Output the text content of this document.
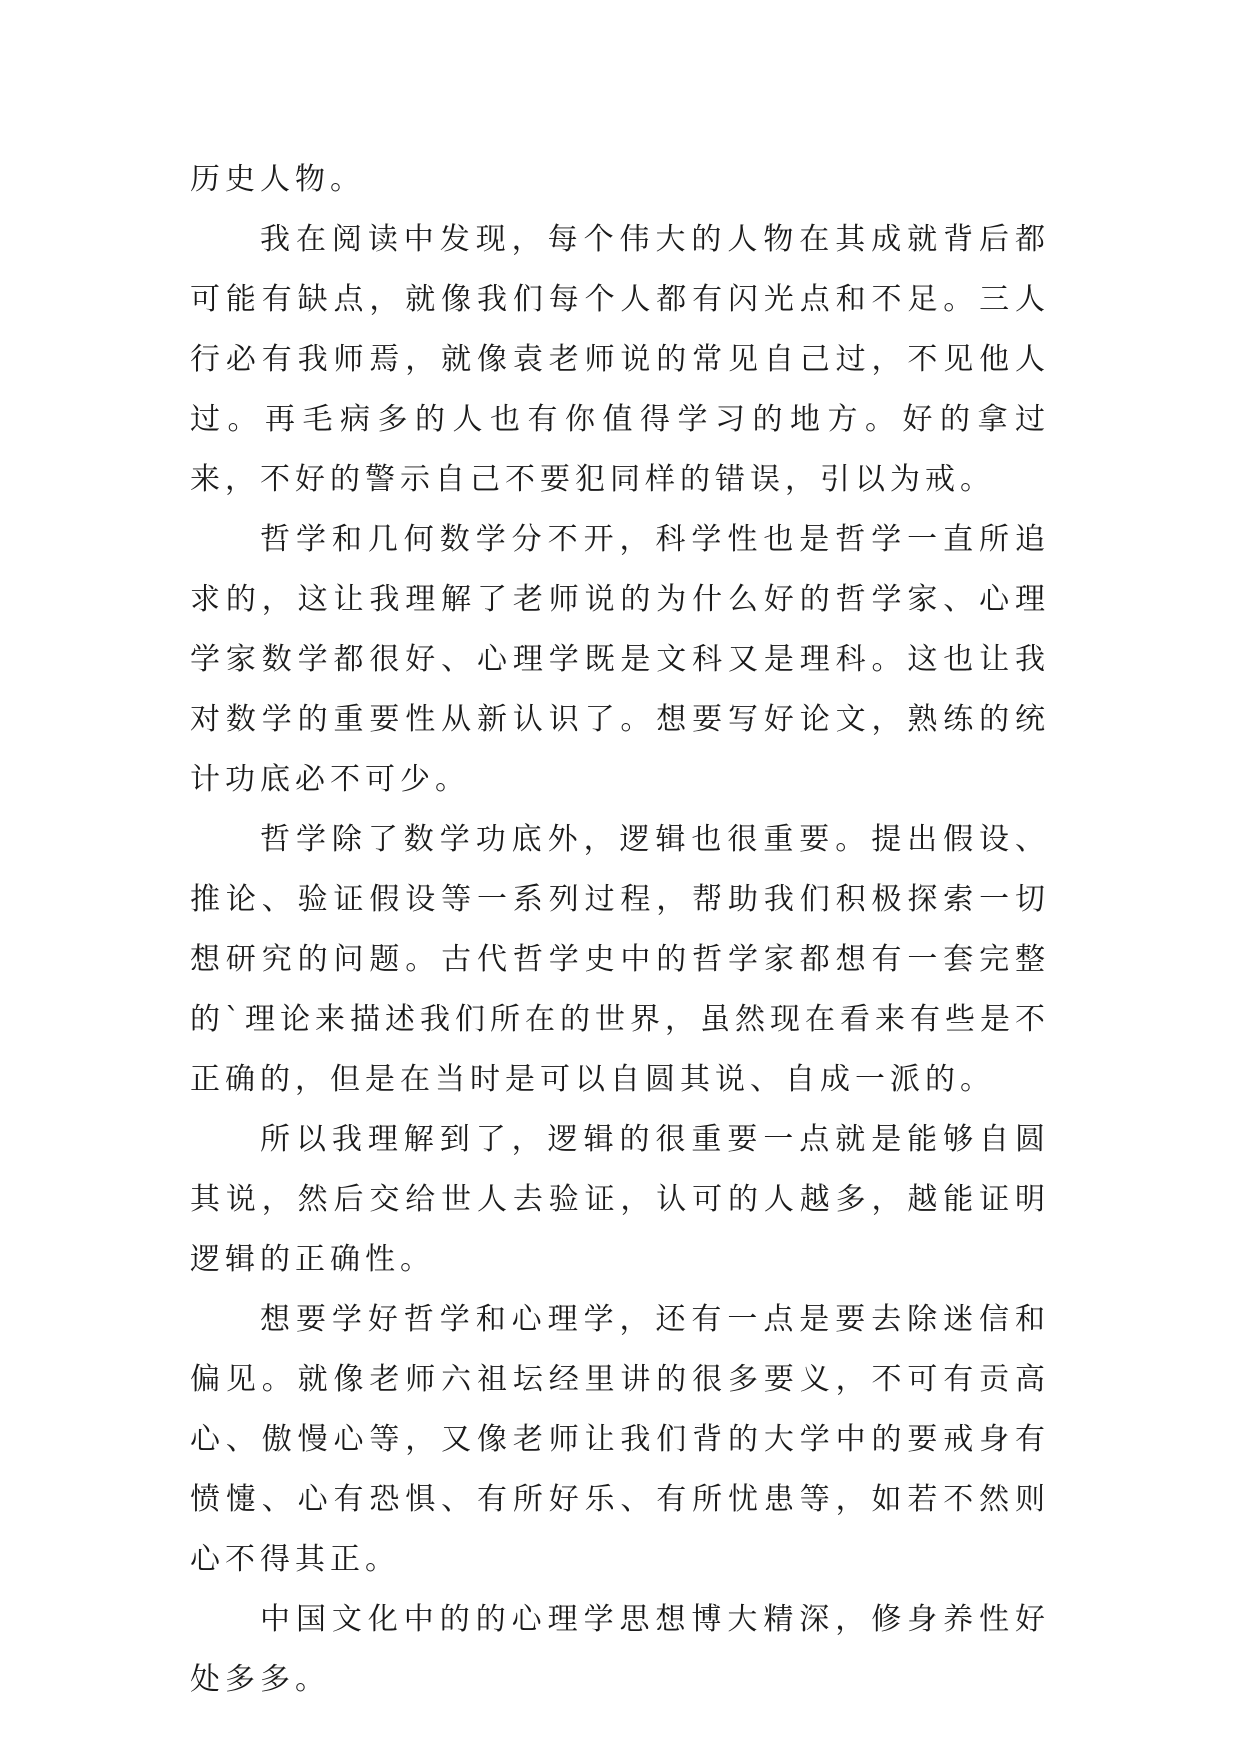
历史人物。

我在阅读中发现，每个伟大的人物在其成就背后都可能有缺点，就像我们每个人都有闪光点和不足。三人行必有我师焉，就像袁老师说的常见自己过，不见他人过。再毛病多的人也有你值得学习的地方。好的拿过来，不好的警示自己不要犯同样的错误，引以为戒。

哲学和几何数学分不开，科学性也是哲学一直所追求的，这让我理解了老师说的为什么好的哲学家、心理学家数学都很好、心理学既是文科又是理科。这也让我对数学的重要性从新认识了。想要写好论文，熟练的统计功底必不可少。

哲学除了数学功底外，逻辑也很重要。提出假设、推论、验证假设等一系列过程，帮助我们积极探索一切想研究的问题。古代哲学史中的哲学家都想有一套完整的`理论来描述我们所在的世界，虽然现在看来有些是不正确的，但是在当时是可以自圆其说、自成一派的。

所以我理解到了，逻辑的很重要一点就是能够自圆其说，然后交给世人去验证，认可的人越多，越能证明逻辑的正确性。

想要学好哲学和心理学，还有一点是要去除迷信和偏见。就像老师六祖坛经里讲的很多要义，不可有贡高心、傲慢心等，又像老师让我们背的大学中的要戒身有愤懥、心有恐惧、有所好乐、有所忧患等，如若不然则心不得其正。

中国文化中的的心理学思想博大精深，修身养性好处多多。
